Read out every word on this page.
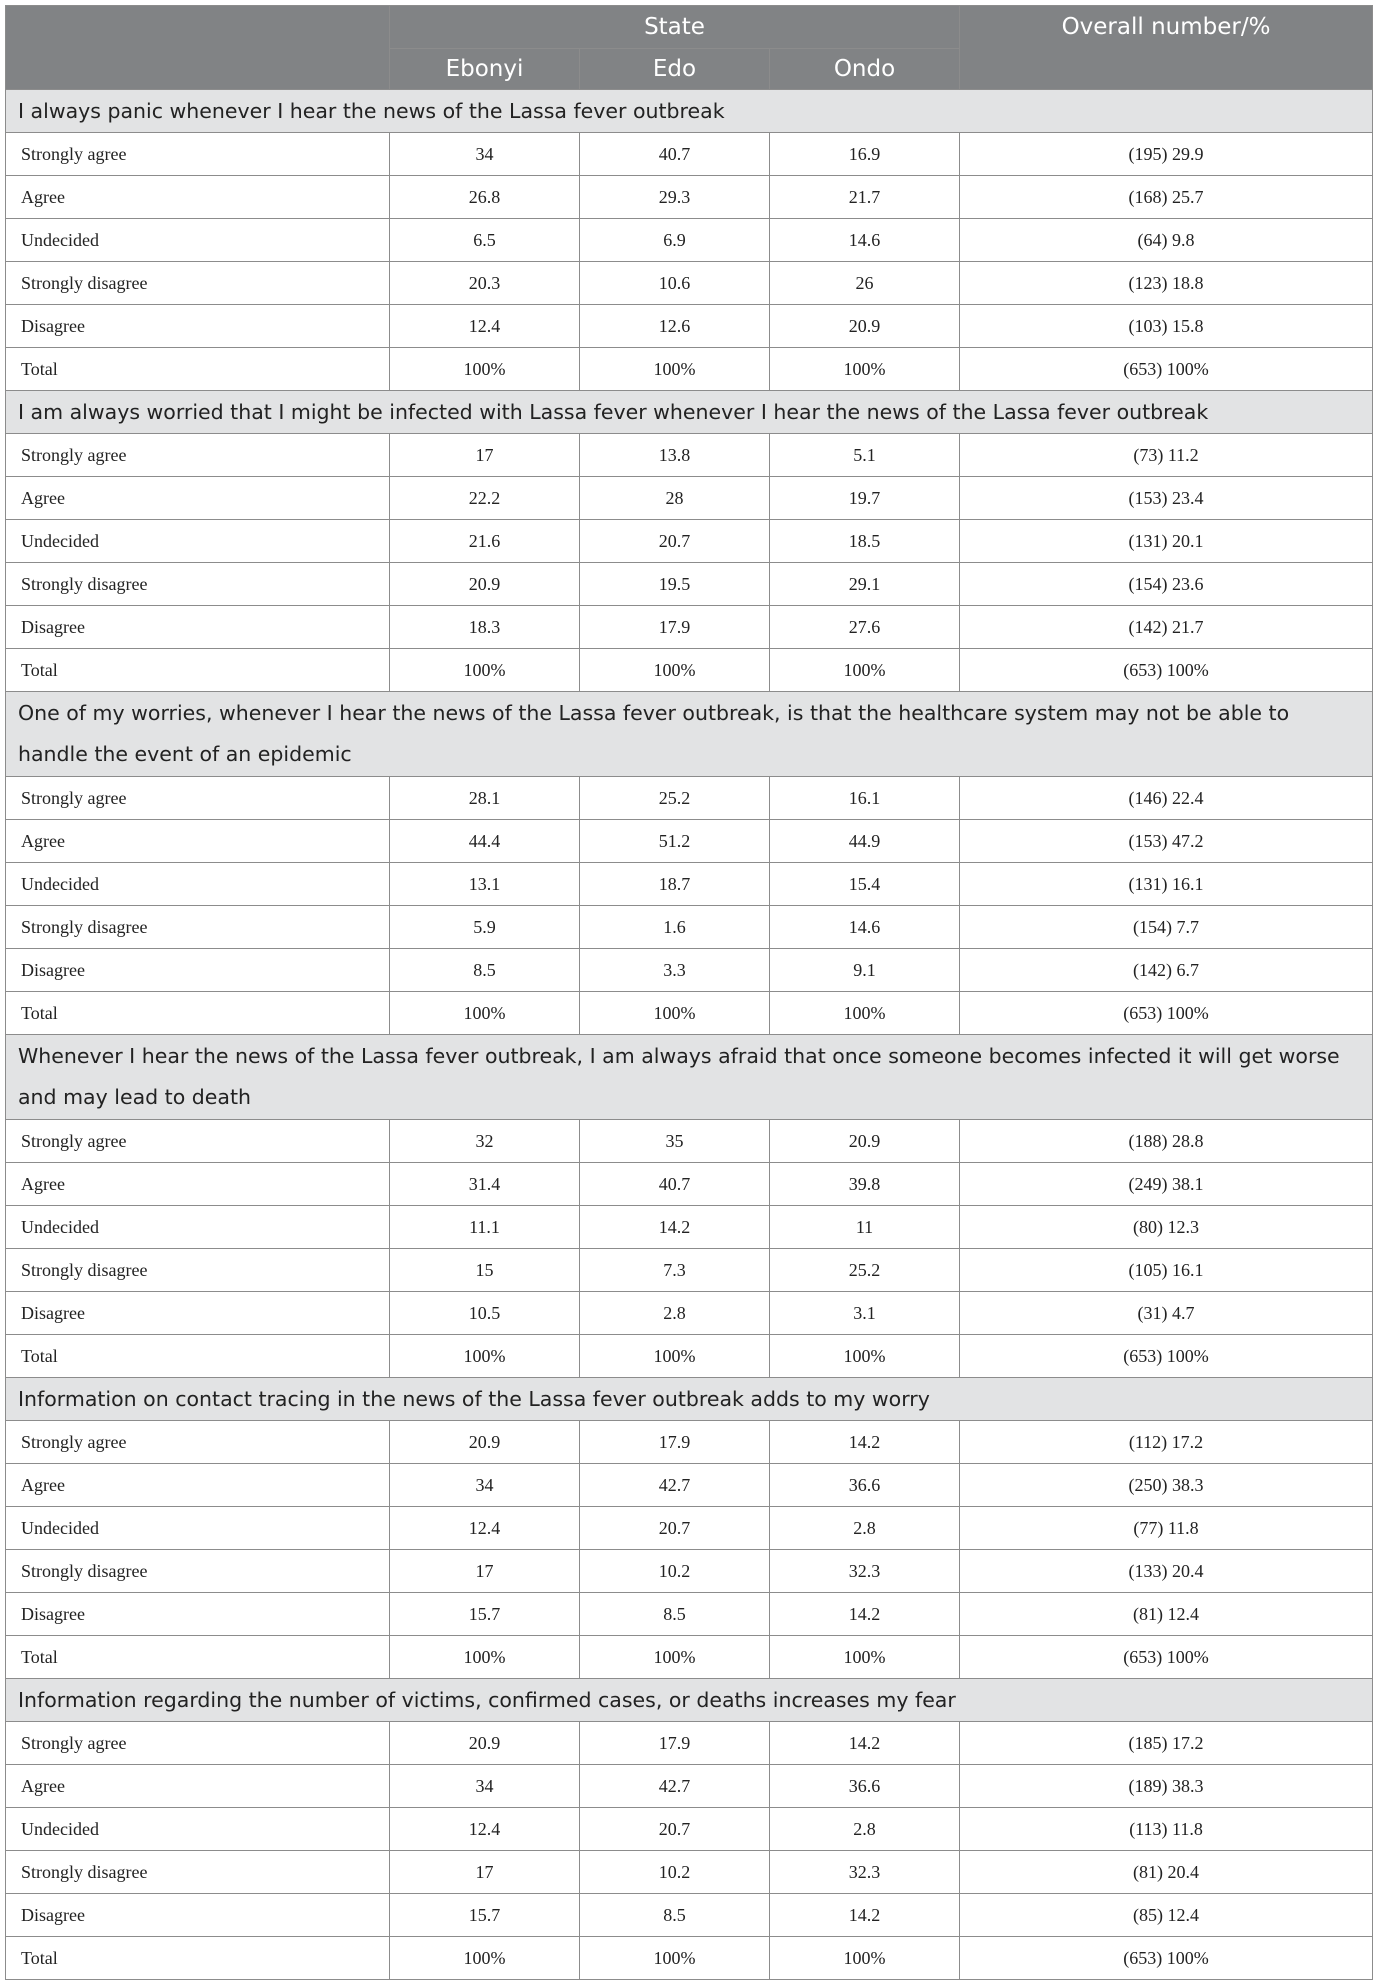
	State			Overall number/%
	Ebonyi	Edo	Ondo	
I always panic whenever I hear the news of the Lassa fever outbreak				
Strongly agree	34	40.7	16.9	(195) 29.9
Agree	26.8	29.3	21.7	(168) 25.7
Undecided	6.5	6.9	14.6	(64) 9.8
Strongly disagree	20.3	10.6	26	(123) 18.8
Disagree	12.4	12.6	20.9	(103) 15.8
Total	100%	100%	100%	(653) 100%
I am always worried that I might be infected with Lassa fever whenever I hear the news of the Lassa fever outbreak				
Strongly agree	17	13.8	5.1	(73) 11.2
Agree	22.2	28	19.7	(153) 23.4
Undecided	21.6	20.7	18.5	(131) 20.1
Strongly disagree	20.9	19.5	29.1	(154) 23.6
Disagree	18.3	17.9	27.6	(142) 21.7
Total	100%	100%	100%	(653) 100%
One of my worries, whenever I hear the news of the Lassa fever outbreak, is that the healthcare system may not be able to handle the event of an epidemic				
Strongly agree	28.1	25.2	16.1	(146) 22.4
Agree	44.4	51.2	44.9	(153) 47.2
Undecided	13.1	18.7	15.4	(131) 16.1
Strongly disagree	5.9	1.6	14.6	(154) 7.7
Disagree	8.5	3.3	9.1	(142) 6.7
Total	100%	100%	100%	(653) 100%
Whenever I hear the news of the Lassa fever outbreak, I am always afraid that once someone becomes infected it will get worse and may lead to death				
Strongly agree	32	35	20.9	(188) 28.8
Agree	31.4	40.7	39.8	(249) 38.1
Undecided	11.1	14.2	11	(80) 12.3
Strongly disagree	15	7.3	25.2	(105) 16.1
Disagree	10.5	2.8	3.1	(31) 4.7
Total	100%	100%	100%	(653) 100%
Information on contact tracing in the news of the Lassa fever outbreak adds to my worry				
Strongly agree	20.9	17.9	14.2	(112) 17.2
Agree	34	42.7	36.6	(250) 38.3
Undecided	12.4	20.7	2.8	(77) 11.8
Strongly disagree	17	10.2	32.3	(133) 20.4
Disagree	15.7	8.5	14.2	(81) 12.4
Total	100%	100%	100%	(653) 100%
Information regarding the number of victims, confirmed cases, or deaths increases my fear				
Strongly agree	20.9	17.9	14.2	(185) 17.2
Agree	34	42.7	36.6	(189) 38.3
Undecided	12.4	20.7	2.8	(113) 11.8
Strongly disagree	17	10.2	32.3	(81) 20.4
Disagree	15.7	8.5	14.2	(85) 12.4
Total	100%	100%	100%	(653) 100%
